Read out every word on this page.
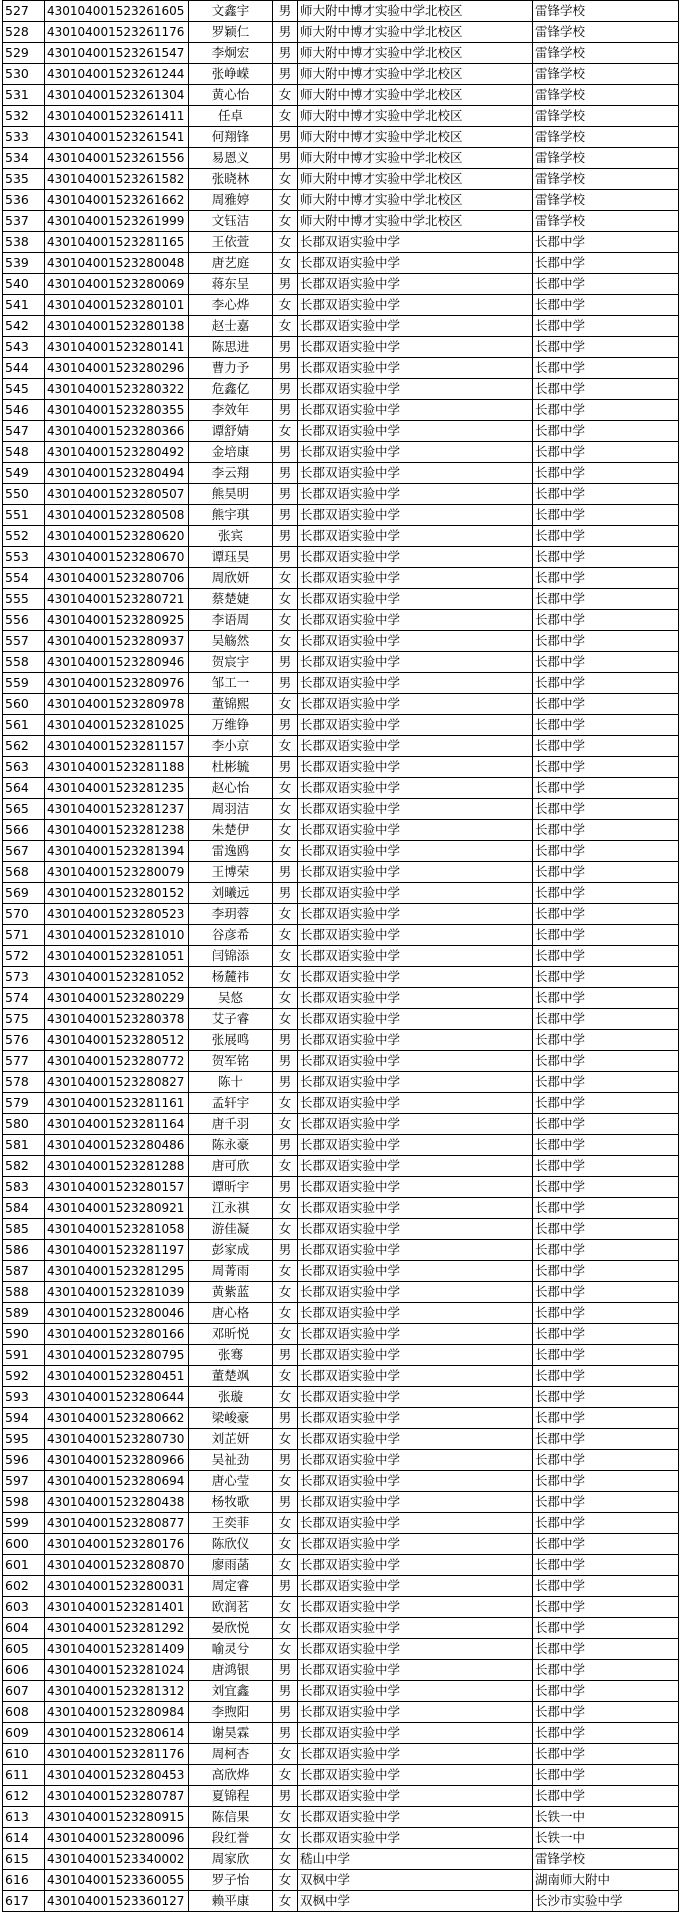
527	430104001523261605	文鑫宇	男	师大附中博才实验中学北校区	雷锋学校
528	430104001523261176	罗颖仁	男	师大附中博才实验中学北校区	雷锋学校
529	430104001523261547	李炯宏	男	师大附中博才实验中学北校区	雷锋学校
530	430104001523261244	张峥嵘	男	师大附中博才实验中学北校区	雷锋学校
531	430104001523261304	黄心怡	女	师大附中博才实验中学北校区	雷锋学校
532	430104001523261411	任卓	女	师大附中博才实验中学北校区	雷锋学校
533	430104001523261541	何翔锋	男	师大附中博才实验中学北校区	雷锋学校
534	430104001523261556	易恩义	男	师大附中博才实验中学北校区	雷锋学校
535	430104001523261582	张晓林	女	师大附中博才实验中学北校区	雷锋学校
536	430104001523261662	周雅婷	女	师大附中博才实验中学北校区	雷锋学校
537	430104001523261999	文钰洁	女	师大附中博才实验中学北校区	雷锋学校
538	430104001523281165	王依萱	女	长郡双语实验中学	长郡中学
539	430104001523280048	唐艺庭	女	长郡双语实验中学	长郡中学
540	430104001523280069	蒋东呈	男	长郡双语实验中学	长郡中学
541	430104001523280101	李心烨	女	长郡双语实验中学	长郡中学
542	430104001523280138	赵士嘉	女	长郡双语实验中学	长郡中学
543	430104001523280141	陈思进	男	长郡双语实验中学	长郡中学
544	430104001523280296	曹力予	男	长郡双语实验中学	长郡中学
545	430104001523280322	危鑫亿	男	长郡双语实验中学	长郡中学
546	430104001523280355	李效年	男	长郡双语实验中学	长郡中学
547	430104001523280366	谭舒婧	女	长郡双语实验中学	长郡中学
548	430104001523280492	金培康	男	长郡双语实验中学	长郡中学
549	430104001523280494	李云翔	男	长郡双语实验中学	长郡中学
550	430104001523280507	熊昊明	男	长郡双语实验中学	长郡中学
551	430104001523280508	熊宇琪	男	长郡双语实验中学	长郡中学
552	430104001523280620	张宾	男	长郡双语实验中学	长郡中学
553	430104001523280670	谭珏昊	男	长郡双语实验中学	长郡中学
554	430104001523280706	周欣妍	女	长郡双语实验中学	长郡中学
555	430104001523280721	蔡楚婕	女	长郡双语实验中学	长郡中学
556	430104001523280925	李语周	女	长郡双语实验中学	长郡中学
557	430104001523280937	吴觞然	女	长郡双语实验中学	长郡中学
558	430104001523280946	贺宸宇	男	长郡双语实验中学	长郡中学
559	430104001523280976	邹工一	男	长郡双语实验中学	长郡中学
560	430104001523280978	董锦熙	女	长郡双语实验中学	长郡中学
561	430104001523281025	万维铮	男	长郡双语实验中学	长郡中学
562	430104001523281157	李小京	女	长郡双语实验中学	长郡中学
563	430104001523281188	杜彬毓	男	长郡双语实验中学	长郡中学
564	430104001523281235	赵心怡	女	长郡双语实验中学	长郡中学
565	430104001523281237	周羽洁	女	长郡双语实验中学	长郡中学
566	430104001523281238	朱楚伊	女	长郡双语实验中学	长郡中学
567	430104001523281394	雷逸鸥	女	长郡双语实验中学	长郡中学
568	430104001523280079	王博荣	男	长郡双语实验中学	长郡中学
569	430104001523280152	刘曦远	男	长郡双语实验中学	长郡中学
570	430104001523280523	李玥蓉	女	长郡双语实验中学	长郡中学
571	430104001523281010	谷彦希	女	长郡双语实验中学	长郡中学
572	430104001523281051	闫锦添	女	长郡双语实验中学	长郡中学
573	430104001523281052	杨麓祎	女	长郡双语实验中学	长郡中学
574	430104001523280229	吴悠	女	长郡双语实验中学	长郡中学
575	430104001523280378	艾子睿	女	长郡双语实验中学	长郡中学
576	430104001523280512	张展鸣	男	长郡双语实验中学	长郡中学
577	430104001523280772	贺军铭	男	长郡双语实验中学	长郡中学
578	430104001523280827	陈十	男	长郡双语实验中学	长郡中学
579	430104001523281161	孟轩宇	女	长郡双语实验中学	长郡中学
580	430104001523281164	唐千羽	女	长郡双语实验中学	长郡中学
581	430104001523280486	陈永豪	男	长郡双语实验中学	长郡中学
582	430104001523281288	唐可欣	女	长郡双语实验中学	长郡中学
583	430104001523280157	谭昕宇	男	长郡双语实验中学	长郡中学
584	430104001523280921	江永祺	女	长郡双语实验中学	长郡中学
585	430104001523281058	游佳凝	女	长郡双语实验中学	长郡中学
586	430104001523281197	彭家成	男	长郡双语实验中学	长郡中学
587	430104001523281295	周菁雨	女	长郡双语实验中学	长郡中学
588	430104001523281039	黄紫蓝	女	长郡双语实验中学	长郡中学
589	430104001523280046	唐心格	女	长郡双语实验中学	长郡中学
590	430104001523280166	邓昕悦	女	长郡双语实验中学	长郡中学
591	430104001523280795	张骞	男	长郡双语实验中学	长郡中学
592	430104001523280451	董楚飒	女	长郡双语实验中学	长郡中学
593	430104001523280644	张璇	女	长郡双语实验中学	长郡中学
594	430104001523280662	梁峻豪	男	长郡双语实验中学	长郡中学
595	430104001523280730	刘芷妍	女	长郡双语实验中学	长郡中学
596	430104001523280966	吴祉劲	男	长郡双语实验中学	长郡中学
597	430104001523280694	唐心莹	女	长郡双语实验中学	长郡中学
598	430104001523280438	杨牧歌	男	长郡双语实验中学	长郡中学
599	430104001523280877	王奕菲	女	长郡双语实验中学	长郡中学
600	430104001523280176	陈欣仪	女	长郡双语实验中学	长郡中学
601	430104001523280870	廖雨菡	女	长郡双语实验中学	长郡中学
602	430104001523280031	周定睿	男	长郡双语实验中学	长郡中学
603	430104001523281401	欧润茗	女	长郡双语实验中学	长郡中学
604	430104001523281292	晏欣悦	女	长郡双语实验中学	长郡中学
605	430104001523281409	喻灵兮	女	长郡双语实验中学	长郡中学
606	430104001523281024	唐鸿银	男	长郡双语实验中学	长郡中学
607	430104001523281312	刘宜鑫	男	长郡双语实验中学	长郡中学
608	430104001523280984	李煦阳	男	长郡双语实验中学	长郡中学
609	430104001523280614	谢昊霖	男	长郡双语实验中学	长郡中学
610	430104001523281176	周柯杏	女	长郡双语实验中学	长郡中学
611	430104001523280453	高欣烨	女	长郡双语实验中学	长郡中学
612	430104001523280787	夏锦程	男	长郡双语实验中学	长郡中学
613	430104001523280915	陈信果	女	长郡双语实验中学	长铁一中
614	430104001523280096	段红誉	女	长郡双语实验中学	长铁一中
615	430104001523340002	周家欣	女	嵇山中学	雷锋学校
616	430104001523360055	罗子怡	女	双枫中学	湖南师大附中
617	430104001523360127	赖平康	女	双枫中学	长沙市实验中学
